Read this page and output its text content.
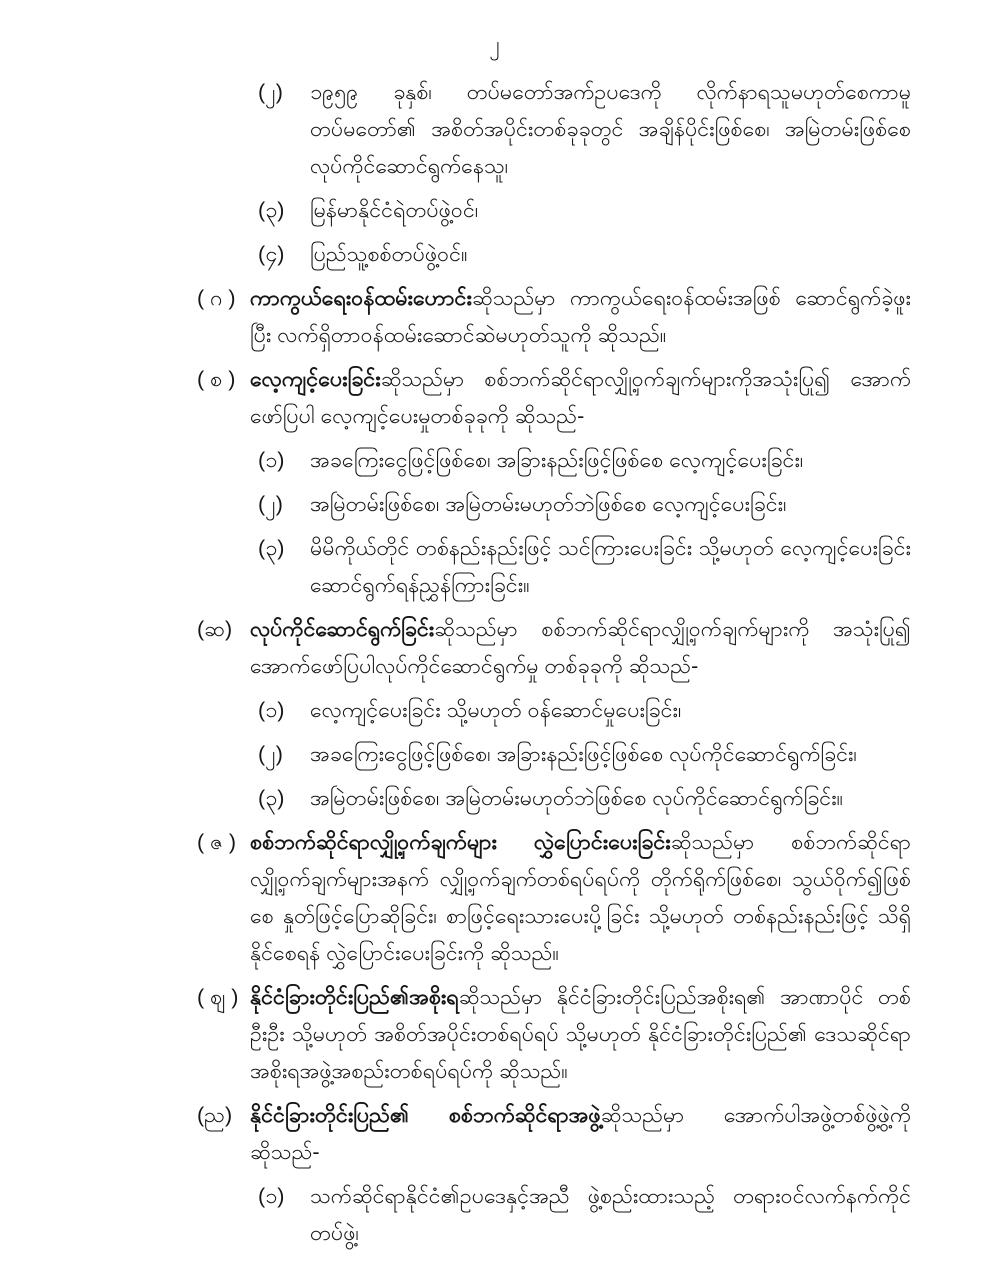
၂
(၂)	၁၉၅၉ ခုနှစ်၊ တပ်မတော်အက်ဥပဒေကို လိုက်နာရသူမဟုတ်စေကာမူ တပ်မတော်၏ အစိတ်အပိုင်းတစ်ခုခုတွင် အချိန်ပိုင်းဖြစ်စေ၊ အမြဲတမ်းဖြစ်စေ လုပ်ကိုင်ဆောင်ရွက်နေသူ၊
(၃)	မြန်မာနိုင်ငံရဲတပ်ဖွဲ့ဝင်၊
(၄)	ပြည်သူ့စစ်တပ်ဖွဲ့ဝင်။
( ဂ ) ကာကွယ်ရေးဝန်ထမ်းဟောင်းဆိုသည်မှာ ကာကွယ်ရေးဝန်ထမ်းအဖြစ် ဆောင်ရွက်ခဲ့ဖူးပြီး လက်ရှိတာဝန်ထမ်းဆောင်ဆဲမဟုတ်သူကို ဆိုသည်။
( စ ) လေ့ကျင့်ပေးခြင်းဆိုသည်မှာ စစ်ဘက်ဆိုင်ရာလျှို့ဝှက်ချက်များကိုအသုံးပြု၍ အောက်ဖော်ပြပါ လေ့ကျင့်ပေးမှုတစ်ခုခုကို ဆိုသည်-
(၁)	အခကြေးငွေဖြင့်ဖြစ်စေ၊ အခြားနည်းဖြင့်ဖြစ်စေ လေ့ကျင့်ပေးခြင်း၊
(၂)	အမြဲတမ်းဖြစ်စေ၊ အမြဲတမ်းမဟုတ်ဘဲဖြစ်စေ လေ့ကျင့်ပေးခြင်း၊
(၃)	မိမိကိုယ်တိုင် တစ်နည်းနည်းဖြင့် သင်ကြားပေးခြင်း သို့မဟုတ် လေ့ကျင့်ပေးခြင်း ဆောင်ရွက်ရန်ညွှန်ကြားခြင်း။
(ဆ) လုပ်ကိုင်ဆောင်ရွက်ခြင်းဆိုသည်မှာ စစ်ဘက်ဆိုင်ရာလျှို့ဝှက်ချက်များကို အသုံးပြု၍ အောက်ဖော်ပြပါလုပ်ကိုင်ဆောင်ရွက်မှု တစ်ခုခုကို ဆိုသည်-
(၁)	လေ့ကျင့်ပေးခြင်း သို့မဟုတ် ဝန်ဆောင်မှုပေးခြင်း၊
(၂)	အခကြေးငွေဖြင့်ဖြစ်စေ၊ အခြားနည်းဖြင့်ဖြစ်စေ လုပ်ကိုင်ဆောင်ရွက်ခြင်း၊
(၃)	အမြဲတမ်းဖြစ်စေ၊ အမြဲတမ်းမဟုတ်ဘဲဖြစ်စေ လုပ်ကိုင်ဆောင်ရွက်ခြင်း။
( ဇ ) စစ်ဘက်ဆိုင်ရာလျှို့ဝှက်ချက်များ လွှဲပြောင်းပေးခြင်းဆိုသည်မှာ စစ်ဘက်ဆိုင်ရာ လျှို့ဝှက်ချက်များအနက် လျှို့ဝှက်ချက်တစ်ရပ်ရပ်ကို တိုက်ရိုက်ဖြစ်စေ၊ သွယ်ဝိုက်၍ဖြစ်စေ နှုတ်ဖြင့်ပြောဆိုခြင်း၊ စာဖြင့်ရေးသားပေးပို့ခြင်း သို့မဟုတ် တစ်နည်းနည်းဖြင့် သိရှိနိုင်စေရန် လွှဲပြောင်းပေးခြင်းကို ဆိုသည်။
( ဈ ) နိုင်ငံခြားတိုင်းပြည်၏အစိုးရဆိုသည်မှာ နိုင်ငံခြားတိုင်းပြည်အစိုးရ၏ အာဏာပိုင် တစ်ဦးဦး သို့မဟုတ် အစိတ်အပိုင်းတစ်ရပ်ရပ် သို့မဟုတ် နိုင်ငံခြားတိုင်းပြည်၏ ဒေသဆိုင်ရာအစိုးရအဖွဲ့အစည်းတစ်ရပ်ရပ်ကို ဆိုသည်။
(ည) နိုင်ငံခြားတိုင်းပြည်၏ စစ်ဘက်ဆိုင်ရာအဖွဲ့ဆိုသည်မှာ အောက်ပါအဖွဲ့တစ်ဖွဲ့ဖွဲ့ကို ဆိုသည်-
(၁)	သက်ဆိုင်ရာနိုင်ငံ၏ဥပဒေနှင့်အညီ ဖွဲ့စည်းထားသည့် တရားဝင်လက်နက်ကိုင် တပ်ဖွဲ့၊
